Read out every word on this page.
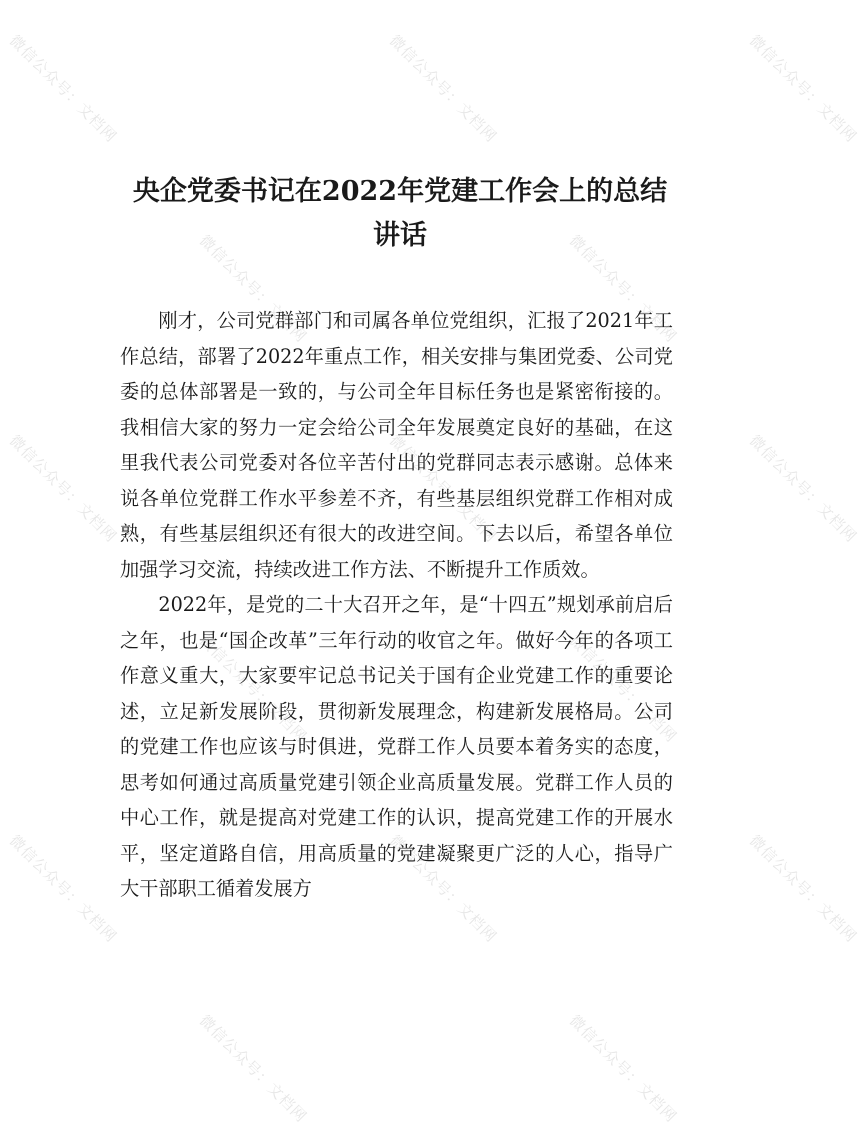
微信公众号：文档网	微信公众号：文档网	微信公众号：文档网
微信公众号：文档网	微信公众号：文档网
微信公众号：文档网	微信公众号：文档网	微信公众号：文档网
微信公众号：文档网	微信公众号：文档网
微信公众号：文档网	微信公众号：文档网	微信公众号：文档网
微信公众号：文档网	微信公众号：文档网
央企党委书记在2022年党建工作会上的总结讲话

刚才，公司党群部门和司属各单位党组织，汇报了2021年工作总结，部署了2022年重点工作，相关安排与集团党委、公司党委的总体部署是一致的，与公司全年目标任务也是紧密衔接的。我相信大家的努力一定会给公司全年发展奠定良好的基础，在这里我代表公司党委对各位辛苦付出的党群同志表示感谢。总体来说各单位党群工作水平参差不齐，有些基层组织党群工作相对成熟，有些基层组织还有很大的改进空间。下去以后，希望各单位加强学习交流，持续改进工作方法、不断提升工作质效。

2022年，是党的二十大召开之年，是“十四五”规划承前启后之年，也是“国企改革”三年行动的收官之年。做好今年的各项工作意义重大，大家要牢记总书记关于国有企业党建工作的重要论述，立足新发展阶段，贯彻新发展理念，构建新发展格局。公司的党建工作也应该与时俱进，党群工作人员要本着务实的态度，思考如何通过高质量党建引领企业高质量发展。党群工作人员的中心工作，就是提高对党建工作的认识，提高党建工作的开展水平，坚定道路自信，用高质量的党建凝聚更广泛的人心，指导广大干部职工循着发展方
